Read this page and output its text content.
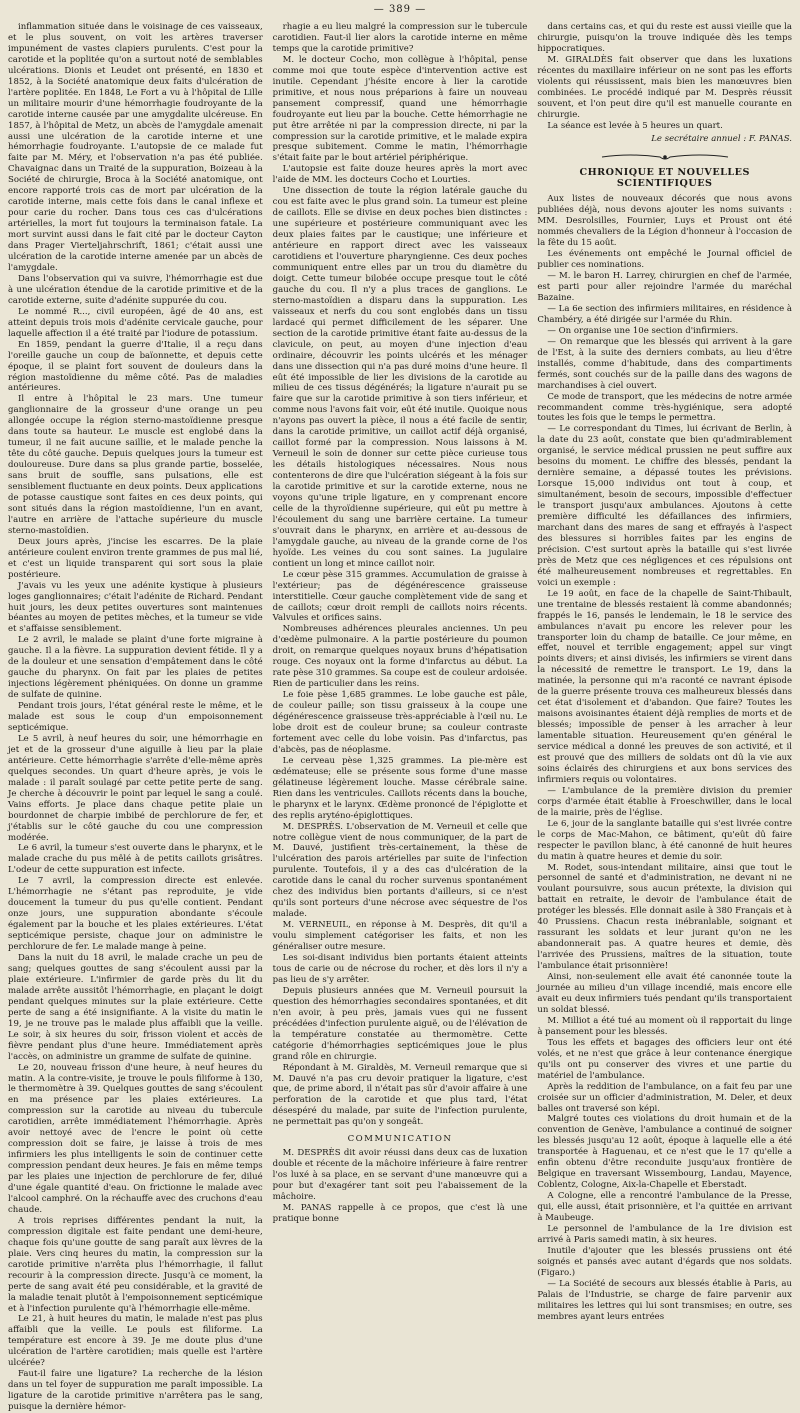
— 389 —

inflammation située dans le voisinage de ces vaisseaux, et le plus souvent, on voit les artères traverser impunément de vastes clapiers purulents. C'est pour la carotide et la poplitée qu'on a surtout noté de semblables ulcérations. Dionis et Leudet ont présenté, en 1830 et 1852, à la Société anatomique deux faits d'ulcération de l'artère poplitée. En 1848, Le Fort a vu à l'hôpital de Lille un militaire mourir d'une hémorrhagie foudroyante de la carotide interne causée par une amygdalite ulcéreuse. En 1857, à l'hôpital de Metz, un abcès de l'amygdale amenait aussi une ulcération de la carotide interne et une hémorrhagie foudroyante. L'autopsie de ce malade fut faite par M. Méry, et l'observation n'a pas été publiée. Chavaignac dans un Traité de la suppuration, Boizeau à la Société de chirurgie, Broca à la Société anatomique, ont encore rapporté trois cas de mort par ulcération de la carotide interne, mais cette fois dans le canal inflexe et pour carie du rocher. Dans tous ces cas d'ulcérations artérielles, la mort fut toujours la terminaison fatale. La mort survint aussi dans le fait cité par le docteur Cayton dans Prager Vierteljahrschrift, 1861; c'était aussi une ulcération de la carotide interne amenée par un abcès de l'amygdale.

Dans l'observation qui va suivre, l'hémorrhagie est due à une ulcération étendue de la carotide primitive et de la carotide externe, suite d'adénite suppurée du cou.

Le nommé R..., civil européen, âgé de 40 ans, est atteint depuis trois mois d'adénite cervicale gauche, pour laquelle affection il a été traité par l'iodure de potassium.

En 1859, pendant la guerre d'Italie, il a reçu dans l'oreille gauche un coup de baïonnette, et depuis cette époque, il se plaint fort souvent de douleurs dans la région mastoïdienne du même côté. Pas de maladies antérieures.

Il entre à l'hôpital le 23 mars. Une tumeur ganglionnaire de la grosseur d'une orange un peu allongée occupe la région sterno-mastoïdienne presque dans toute sa hauteur. Le muscle est englobé dans la tumeur, il ne fait aucune saillie, et le malade penche la tête du côté gauche. Depuis quelques jours la tumeur est douloureuse. Dure dans sa plus grande partie, bosselée, sans bruit de souffle, sans pulsations, elle est sensiblement fluctuante en deux points. Deux applications de potasse caustique sont faites en ces deux points, qui sont situés dans la région mastoïdienne, l'un en avant, l'autre en arrière de l'attache supérieure du muscle sterno-mastoïdien.

Deux jours après, j'incise les escarres. De la plaie antérieure coulent environ trente grammes de pus mal lié, et c'est un liquide transparent qui sort sous la plaie postérieure.

J'avais vu les yeux une adénite kystique à plusieurs loges ganglionnaires; c'était l'adénite de Richard. Pendant huit jours, les deux petites ouvertures sont maintenues béantes au moyen de petites mèches, et la tumeur se vide et s'affaisse sensiblement.

Le 2 avril, le malade se plaint d'une forte migraine à gauche. Il a la fièvre. La suppuration devient fétide. Il y a de la douleur et une sensation d'empâtement dans le côté gauche du pharynx. On fait par les plaies de petites injections légèrement phéniquées. On donne un gramme de sulfate de quinine.

Pendant trois jours, l'état général reste le même, et le malade est sous le coup d'un empoisonnement septicémique.

Le 5 avril, à neuf heures du soir, une hémorrhagie en jet et de la grosseur d'une aiguille à lieu par la plaie antérieure. Cette hémorrhagie s'arrête d'elle-même après quelques secondes. Un quart d'heure après, je vois le malade : il paraît soulagé par cette petite perte de sang. Je cherche à découvrir le point par lequel le sang a coulé. Vains efforts. Je place dans chaque petite plaie un bourdonnet de charpie imbibé de perchlorure de fer, et j'établis sur le côté gauche du cou une compression modérée.

Le 6 avril, la tumeur s'est ouverte dans le pharynx, et le malade crache du pus mêlé à de petits caillots grisâtres. L'odeur de cette suppuration est infecte.

Le 7 avril, la compression directe est enlevée. L'hémorrhagie ne s'étant pas reproduite, je vide doucement la tumeur du pus qu'elle contient. Pendant onze jours, une suppuration abondante s'écoule également par la bouche et les plaies extérieures. L'état septicémique persiste, chaque jour on administre le perchlorure de fer. Le malade mange à peine.

Dans la nuit du 18 avril, le malade crache un peu de sang; quelques gouttes de sang s'écoulent aussi par la plaie extérieure. L'infirmier de garde près du lit du malade arrête aussitôt l'hémorrhagie, en plaçant le doigt pendant quelques minutes sur la plaie extérieure. Cette perte de sang a été insignifiante. A la visite du matin le 19, je ne trouve pas le malade plus affaibli que la veille. Le soir, à six heures du soir, frisson violent et accès de fièvre pendant plus d'une heure. Immédiatement après l'accès, on administre un gramme de sulfate de quinine.

Le 20, nouveau frisson d'une heure, à neuf heures du matin. A la contre-visite, je trouve le pouls filiforme à 130, le thermomètre à 39. Quelques gouttes de sang s'écoulent en ma présence par les plaies extérieures. La compression sur la carotide au niveau du tubercule carotidien, arrête immédiatement l'hémorrhagie. Après avoir nettoyé avec de l'encre le point où cette compression doit se faire, je laisse à trois de mes infirmiers les plus intelligents le soin de continuer cette compression pendant deux heures. Je fais en même temps par les plaies une injection de perchlorure de fer, dilué d'une égale quantité d'eau. On frictionne le malade avec l'alcool camphré. On la réchauffe avec des cruchons d'eau chaude.

A trois reprises différentes pendant la nuit, la compression digitale est faite pendant une demi-heure, chaque fois qu'une goutte de sang paraît aux lèvres de la plaie. Vers cinq heures du matin, la compression sur la carotide primitive n'arrêta plus l'hémorrhagie, il fallut recourir à la compression directe. Jusqu'à ce moment, la perte de sang avait été peu considérable, et la gravité de la maladie tenait plutôt à l'empoisonnement septicémique et à l'infection purulente qu'à l'hémorrhagie elle-même.

Le 21, à huit heures du matin, le malade n'est pas plus affaibli que la veille. Le pouls est filiforme. La température est encore à 39. Je me doute plus d'une ulcération de l'artère carotidien; mais quelle est l'artère ulcérée?

Faut-il faire une ligature? La recherche de la lésion dans un tel foyer de suppuration me paraît impossible. La ligature de la carotide primitive n'arrêtera pas le sang, puisque la dernière hémor-

rhagie a eu lieu malgré la compression sur le tubercule carotidien. Faut-il lier alors la carotide interne en même temps que la carotide primitive?

M. le docteur Cocho, mon collègue à l'hôpital, pense comme moi que toute espèce d'intervention active est inutile. Cependant j'hésite encore à lier la carotide primitive, et nous nous préparions à faire un nouveau pansement compressif, quand une hémorrhagie foudroyante eut lieu par la bouche. Cette hémorrhagie ne put être arrêtée ni par la compression directe, ni par la compression sur la carotide primitive, et le malade expira presque subitement. Comme le matin, l'hémorrhagie s'était faite par le bout artériel périphérique.

L'autopsie est faite douze heures après la mort avec l'aide de MM. les docteurs Cocho et Lourties.

Une dissection de toute la région latérale gauche du cou est faite avec le plus grand soin. La tumeur est pleine de caillots. Elle se divise en deux poches bien distinctes : une supérieure et postérieure communiquant avec les deux plaies faites par le caustique; une inférieure et antérieure en rapport direct avec les vaisseaux carotidiens et l'ouverture pharyngienne. Ces deux poches communiquent entre elles par un trou du diamètre du doigt. Cette tumeur bilobée occupe presque tout le côté gauche du cou. Il n'y a plus traces de ganglions. Le sterno-mastoïdien a disparu dans la suppuration. Les vaisseaux et nerfs du cou sont englobés dans un tissu lardacé qui permet difficilement de les séparer. Une section de la carotide primitive étant faite au-dessus de la clavicule, on peut, au moyen d'une injection d'eau ordinaire, découvrir les points ulcérés et les ménager dans une dissection qui n'a pas duré moins d'une heure. Il eût été impossible de lier les divisions de la carotide au milieu de ces tissus dégénérés; la ligature n'aurait pu se faire que sur la carotide primitive à son tiers inférieur, et comme nous l'avons fait voir, eût été inutile. Quoique nous n'ayons pas ouvert la pièce, il nous a été facile de sentir, dans la carotide primitive, un caillot actif déjà organisé, caillot formé par la compression. Nous laissons à M. Verneuil le soin de donner sur cette pièce curieuse tous les détails histologiques nécessaires. Nous nous contenterons de dire que l'ulcération siégeant à la fois sur la carotide primitive et sur la carotide externe, nous ne voyons qu'une triple ligature, en y comprenant encore celle de la thyroïdienne supérieure, qui eût pu mettre à l'écoulement du sang une barrière certaine. La tumeur s'ouvrait dans le pharynx, en arrière et au-dessous de l'amygdale gauche, au niveau de la grande corne de l'os hyoïde. Les veines du cou sont saines. La jugulaire contient un long et mince caillot noir.

Le cœur pèse 315 grammes. Accumulation de graisse à l'extérieur; pas de dégénérescence graisseuse interstitielle. Cœur gauche complètement vide de sang et de caillots; cœur droit rempli de caillots noirs récents. Valvules et orifices sains.

Nombreuses adhérences pleurales anciennes. Un peu d'œdème pulmonaire. A la partie postérieure du poumon droit, on remarque quelques noyaux bruns d'hépatisation rouge. Ces noyaux ont la forme d'infarctus au début. La rate pèse 310 grammes. Sa coupe est de couleur ardoisée. Rien de particulier dans les reins.

Le foie pèse 1,685 grammes. Le lobe gauche est pâle, de couleur paille; son tissu graisseux à la coupe une dégénérescence graisseuse très-appréciable à l'œil nu. Le lobe droit est de couleur brune; sa couleur contraste fortement avec celle du lobe voisin. Pas d'infarctus, pas d'abcès, pas de néoplasme.

Le cerveau pèse 1,325 grammes. La pie-mère est œdémateuse; elle se présente sous forme d'une masse gélatineuse légèrement louche. Masse cérébrale saine. Rien dans les ventricules. Caillots récents dans la bouche, le pharynx et le larynx. Œdème prononcé de l'épiglotte et des replis aryténo-épiglottiques.

M. DESPRÈS. L'observation de M. Verneuil et celle que notre collègue vient de nous communiquer, de la part de M. Dauvé, justifient très-certainement, la thèse de l'ulcération des parois artérielles par suite de l'infection purulente. Toutefois, il y a des cas d'ulcération de la carotide dans le canal du rocher survenus spontanément chez des individus bien portants d'ailleurs, si ce n'est qu'ils sont porteurs d'une nécrose avec séquestre de l'os malade.

M. VERNEUIL, en réponse à M. Desprès, dit qu'il a voulu simplement catégoriser les faits, et non les généraliser outre mesure.

Les soi-disant individus bien portants étaient atteints tous de carie ou de nécrose du rocher, et dès lors il n'y a pas lieu de s'y arrêter.

Depuis plusieurs années que M. Verneuil poursuit la question des hémorrhagies secondaires spontanées, et dit n'en avoir, à peu près, jamais vues qui ne fussent précédées d'infection purulente aiguë, ou de l'élévation de la température constatée au thermomètre. Cette catégorie d'hémorrhagies septicémiques joue le plus grand rôle en chirurgie.

Répondant à M. Giraldès, M. Verneuil remarque que si M. Dauvé n'a pas cru devoir pratiquer la ligature, c'est que, de prime abord, il n'était pas sûr d'avoir affaire à une perforation de la carotide et que plus tard, l'état désespéré du malade, par suite de l'infection purulente, ne permettait pas qu'on y songeât.

COMMUNICATION

M. DESPRÈS dit avoir réussi dans deux cas de luxation double et récente de la mâchoire inférieure à faire rentrer l'os luxé à sa place, en se servant d'une manœuvre qui a pour but d'exagérer tant soit peu l'abaissement de la mâchoire.

M. PANAS rappelle à ce propos, que c'est là une pratique bonne

dans certains cas, et qui du reste est aussi vieille que la chirurgie, puisqu'on la trouve indiquée dès les temps hippocratiques.

M. GIRALDÈS fait observer que dans les luxations récentes du maxillaire inférieur on ne sont pas les efforts violents qui réussissent, mais bien les manœuvres bien combinées. Le procédé indiqué par M. Desprès réussit souvent, et l'on peut dire qu'il est manuelle courante en chirurgie.

La séance est levée à 5 heures un quart.

Le secrétaire annuel : F. PANAS.
CHRONIQUE ET NOUVELLES SCIENTIFIQUES

Aux listes de nouveaux décorés que nous avons publiées déjà, nous devons ajouter les noms suivants : MM. Desrolsilles, Fournier, Luys et Proust ont été nommés chevaliers de la Légion d'honneur à l'occasion de la fête du 15 août.

Les événements ont empêché le Journal officiel de publier ces nominations.

— M. le baron H. Larrey, chirurgien en chef de l'armée, est parti pour aller rejoindre l'armée du maréchal Bazaine.

— La 6e section des infirmiers militaires, en résidence à Chambéry, a été dirigée sur l'armée du Rhin.

— On organise une 10e section d'infirmiers.

— On remarque que les blessés qui arrivent à la gare de l'Est, à la suite des derniers combats, au lieu d'être installés, comme d'habitude, dans des compartiments fermés, sont couchés sur de la paille dans des wagons de marchandises à ciel ouvert.

Ce mode de transport, que les médecins de notre armée recommandent comme très-hygiénique, sera adopté toutes les fois que le temps le permettra.

— Le correspondant du Times, lui écrivant de Berlin, à la date du 23 août, constate que bien qu'admirablement organisé, le service médical prussien ne peut suffire aux besoins du moment. Le chiffre des blessés, pendant la dernière semaine, a dépassé toutes les prévisions. Lorsque 15,000 individus ont tout à coup, et simultanément, besoin de secours, impossible d'effectuer le transport jusqu'aux ambulances. Ajoutons à cette première difficulté les défaillances des infirmiers, marchant dans des mares de sang et effrayés à l'aspect des blessures si horribles faites par les engins de précision. C'est surtout après la bataille qui s'est livrée près de Metz que ces négligences et ces répulsions ont été malheureusement nombreuses et regrettables. En voici un exemple :

Le 19 août, en face de la chapelle de Saint-Thibault, une trentaine de blessés restaient là comme abandonnés; frappés le 16, pansés le lendemain, le 18 le service des ambulances n'avait pu encore les relever pour les transporter loin du champ de bataille. Ce jour même, en effet, nouvel et terrible engagement; appel sur vingt points divers; et ainsi divisés, les infirmiers se virent dans la nécessité de remettre le transport. Le 19, dans la matinée, la personne qui m'a raconté ce navrant épisode de la guerre présente trouva ces malheureux blessés dans cet état d'isolement et d'abandon. Que faire? Toutes les maisons avoisinantes étaient déjà remplies de morts et de blessés; impossible de penser à les arracher à leur lamentable situation. Heureusement qu'en général le service médical a donné les preuves de son activité, et il est prouvé que des milliers de soldats ont dû la vie aux soins éclairés des chirurgiens et aux bons services des infirmiers requis ou volontaires.

— L'ambulance de la première division du premier corps d'armée était établie à Froeschwiller, dans le local de la mairie, près de l'église.

Le 6, jour de la sanglante bataille qui s'est livrée contre le corps de Mac-Mahon, ce bâtiment, qu'eût dû faire respecter le pavillon blanc, à été canonné de huit heures du matin à quatre heures et demie du soir.

M. Rodet, sous-intendant militaire, ainsi que tout le personnel de santé et d'administration, ne devant ni ne voulant poursuivre, sous aucun prétexte, la division qui battait en retraite, le devoir de l'ambulance était de protéger les blessés. Elle donnait asile à 380 Français et à 40 Prussiens. Chacun resta inébranlable, soignant et rassurant les soldats et leur jurant qu'on ne les abandonnerait pas. A quatre heures et demie, dès l'arrivée des Prussiens, maîtres de la situation, toute l'ambulance était prisonnière!

Ainsi, non-seulement elle avait été canonnée toute la journée au milieu d'un village incendié, mais encore elle avait eu deux infirmiers tués pendant qu'ils transportaient un soldat blessé.

M. Milliot a été tué au moment où il rapportait du linge à pansement pour les blessés.

Tous les effets et bagages des officiers leur ont été volés, et ne n'est que grâce à leur contenance énergique qu'ils ont pu conserver des vivres et une partie du matériel de l'ambulance.

Après la reddition de l'ambulance, on a fait feu par une croisée sur un officier d'administration, M. Deler, et deux balles ont traversé son képi.

Malgré toutes ces violations du droit humain et de la convention de Genève, l'ambulance a continué de soigner les blessés jusqu'au 12 août, époque à laquelle elle a été transportée à Haguenau, et ce n'est que le 17 qu'elle a enfin obtenu d'être reconduite jusqu'aux frontière de Belgique en traversant Wissembourg, Landau, Mayence, Coblentz, Cologne, Aix-la-Chapelle et Eberstadt.

A Cologne, elle a rencontré l'ambulance de la Presse, qui, elle aussi, était prisonnière, et l'a quittée en arrivant à Maubeuge.

Le personnel de l'ambulance de la 1re division est arrivé à Paris samedi matin, à six heures.

Inutile d'ajouter que les blessés prussiens ont été soignés et pansés avec autant d'égards que nos soldats. (Figaro.)

— La Société de secours aux blessés établie à Paris, au Palais de l'Industrie, se charge de faire parvenir aux militaires les lettres qui lui sont transmises; en outre, ses membres ayant leurs entrées
